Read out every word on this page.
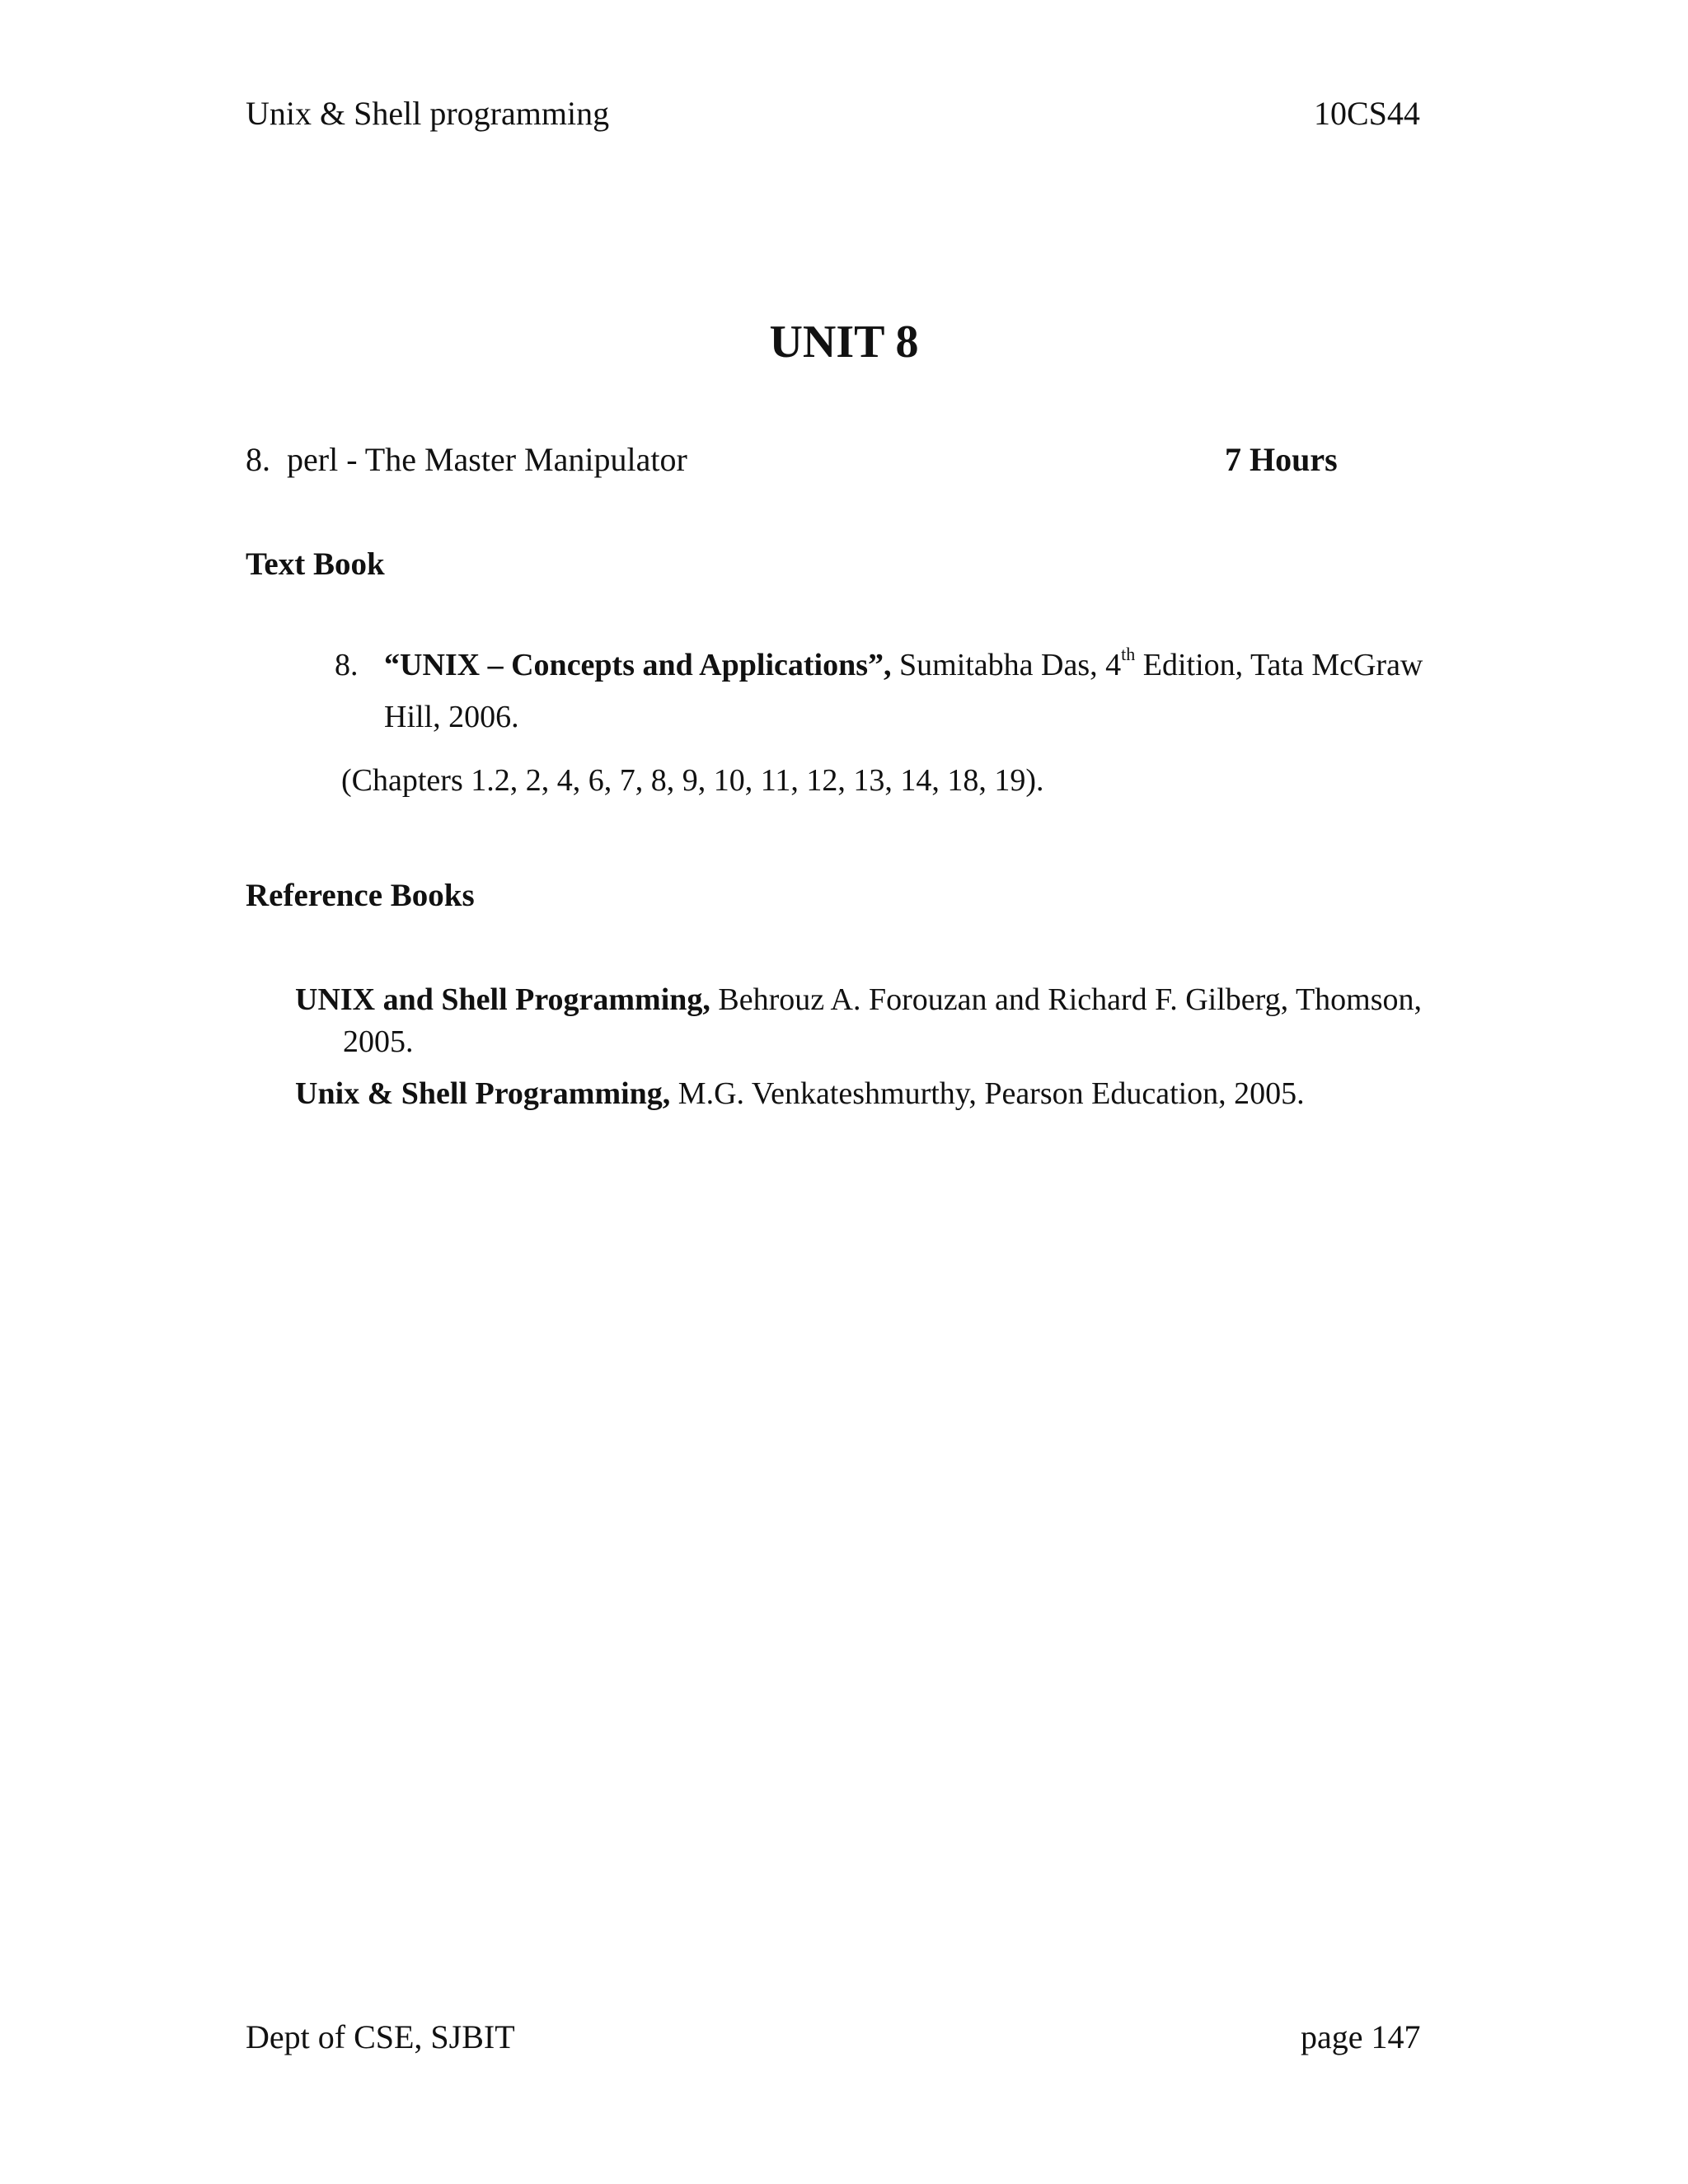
Unix & Shell programming	10CS44
UNIT 8
8. perl - The Master Manipulator	7 Hours
Text Book
8. “UNIX – Concepts and Applications”, Sumitabha Das, 4th Edition, Tata McGraw
Hill, 2006.
(Chapters 1.2, 2, 4, 6, 7, 8, 9, 10, 11, 12, 13, 14, 18, 19).
Reference Books
UNIX and Shell Programming, Behrouz A. Forouzan and Richard F. Gilberg, Thomson,
2005.
Unix & Shell Programming, M.G. Venkateshmurthy, Pearson Education, 2005.
Dept of CSE, SJBIT	page 147
